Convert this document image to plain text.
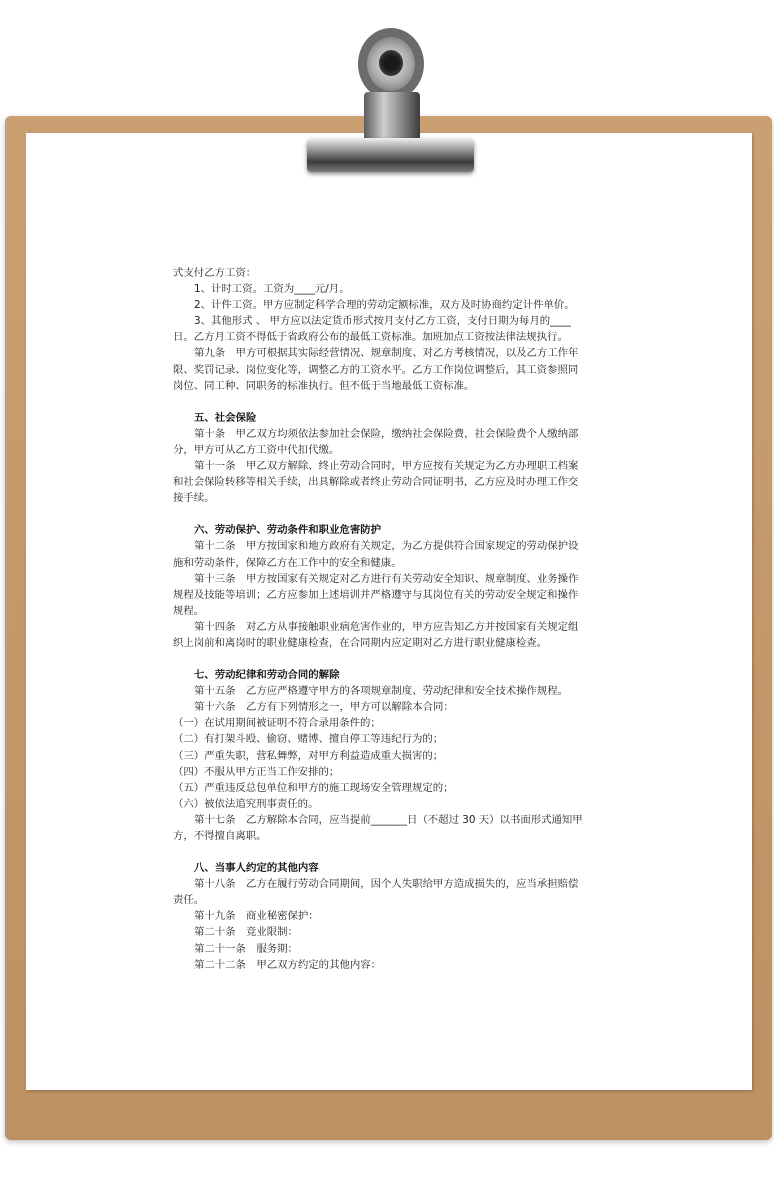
式支付乙方工资：

1、计时工资。工资为____元/月。

2、计件工资。甲方应制定科学合理的劳动定额标准，双方及时协商约定计件单价。

3、其他形式 、 甲方应以法定货币形式按月支付乙方工资，支付日期为每月的____

日。乙方月工资不得低于省政府公布的最低工资标准。加班加点工资按法律法规执行。

第九条　甲方可根据其实际经营情况、规章制度、对乙方考核情况，以及乙方工作年

限、奖罚记录、岗位变化等，调整乙方的工资水平。乙方工作岗位调整后，其工资参照同

岗位、同工种、同职务的标准执行。但不低于当地最低工资标准。

五、社会保险

第十条　甲乙双方均须依法参加社会保险，缴纳社会保险费，社会保险费个人缴纳部

分，甲方可从乙方工资中代扣代缴。

第十一条　甲乙双方解除、终止劳动合同时，甲方应按有关规定为乙方办理职工档案

和社会保险转移等相关手续，出具解除或者终止劳动合同证明书，乙方应及时办理工作交

接手续。

六、劳动保护、劳动条件和职业危害防护

第十二条　甲方按国家和地方政府有关规定，为乙方提供符合国家规定的劳动保护设

施和劳动条件，保障乙方在工作中的安全和健康。

第十三条　甲方按国家有关规定对乙方进行有关劳动安全知识、规章制度、业务操作

规程及技能等培训；乙方应参加上述培训并严格遵守与其岗位有关的劳动安全规定和操作

规程。

第十四条　对乙方从事接触职业病危害作业的，甲方应告知乙方并按国家有关规定组

织上岗前和离岗时的职业健康检查，在合同期内应定期对乙方进行职业健康检查。

七、劳动纪律和劳动合同的解除

第十五条　乙方应严格遵守甲方的各项规章制度、劳动纪律和安全技术操作规程。

第十六条　乙方有下列情形之一，甲方可以解除本合同：

（一）在试用期间被证明不符合录用条件的；

（二）有打架斗殴、偷窃、赌博、擅自停工等违纪行为的；

（三）严重失职，营私舞弊，对甲方利益造成重大损害的；

（四）不服从甲方正当工作安排的；

（五）严重违反总包单位和甲方的施工现场安全管理规定的；

（六）被依法追究刑事责任的。

第十七条　乙方解除本合同，应当提前_______日（不超过 30 天）以书面形式通知甲

方，不得擅自离职。

八、当事人约定的其他内容

第十八条　乙方在履行劳动合同期间，因个人失职给甲方造成损失的，应当承担赔偿

责任。

第十九条　商业秘密保护：

第二十条　竞业限制：

第二十一条　服务期：

第二十二条　甲乙双方约定的其他内容：
